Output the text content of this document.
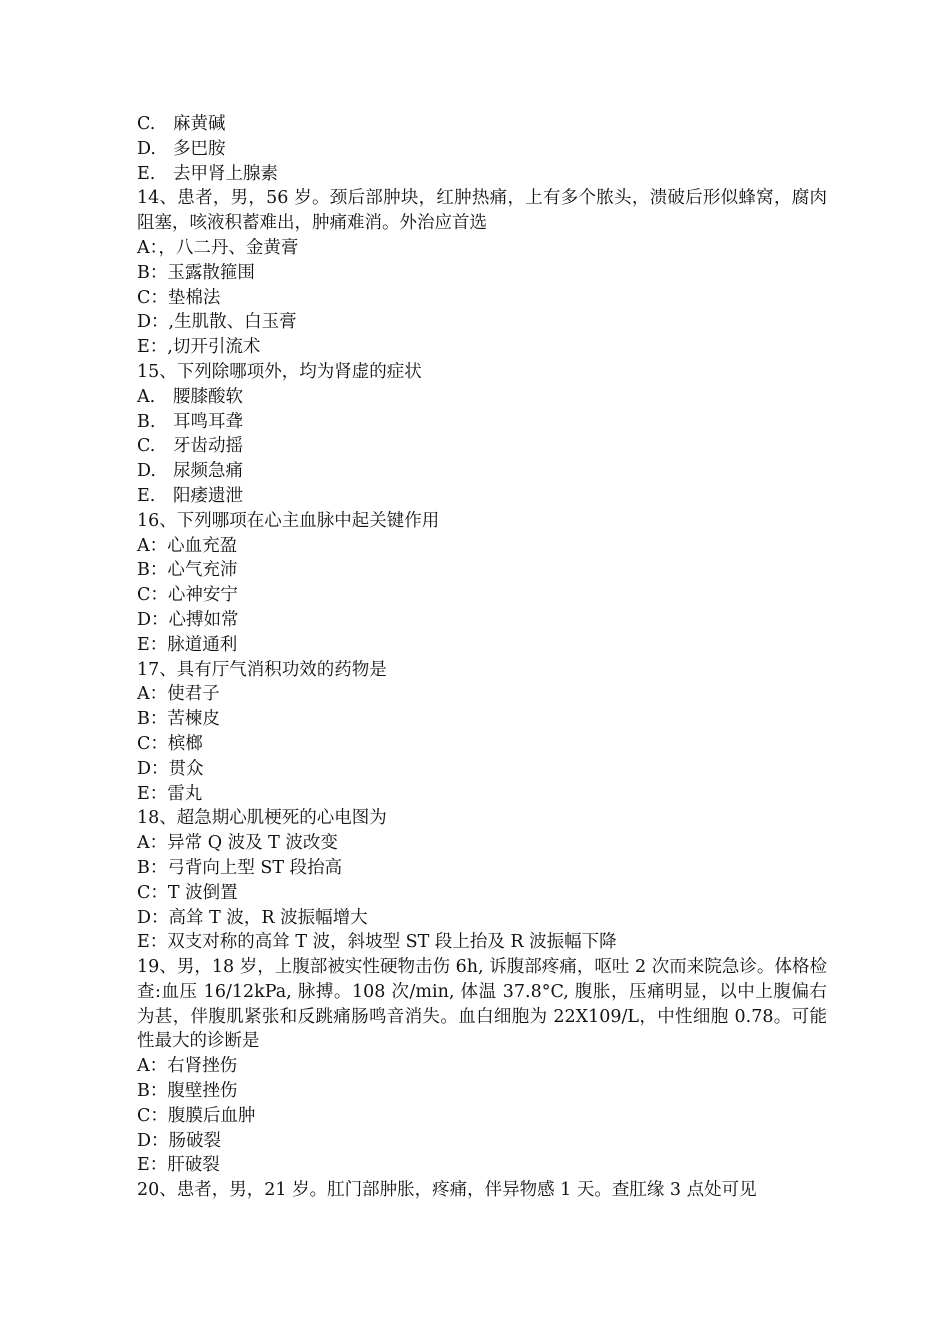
C. 麻黄碱
D. 多巴胺
E. 去甲肾上腺素
14、患者，男，56 岁。颈后部肿块，红肿热痛，上有多个脓头，溃破后形似蜂窝，腐肉阻塞，咳液积蓄难出，肿痛难消。外治应首选
A：，八二丹、金黄膏
B：玉露散箍围
C：垫棉法
D：,生肌散、白玉膏
E：,切开引流术
15、下列除哪项外，均为肾虚的症状
A. 腰膝酸软
B. 耳鸣耳聋
C. 牙齿动摇
D. 尿频急痛
E. 阳痿遗泄
16、下列哪项在心主血脉中起关键作用
A：心血充盈
B：心气充沛
C：心神安宁
D：心搏如常
E：脉道通利
17、具有厅气消积功效的药物是
A：使君子
B：苦楝皮
C：槟榔
D：贯众
E：雷丸
18、超急期心肌梗死的心电图为
A：异常 Q 波及 T 波改变
B：弓背向上型 ST 段抬高
C：T 波倒置
D：高耸 T 波，R 波振幅增大
E：双支对称的高耸 T 波，斜坡型 ST 段上抬及 R 波振幅下降
19、男，18 岁，上腹部被实性硬物击伤 6h, 诉腹部疼痛，呕吐 2 次而来院急诊。体格检查:血压 16/12kPa, 脉搏。108 次/min, 体温 37.8°C, 腹胀，压痛明显，以中上腹偏右为甚，伴腹肌紧张和反跳痛肠鸣音消失。血白细胞为 22X109/L，中性细胞 0.78。可能性最大的诊断是
A：右肾挫伤
B：腹壁挫伤
C：腹膜后血肿
D：肠破裂
E：肝破裂
20、患者，男，21 岁。肛门部肿胀，疼痛，伴异物感 1 天。查肛缘 3 点处可见
